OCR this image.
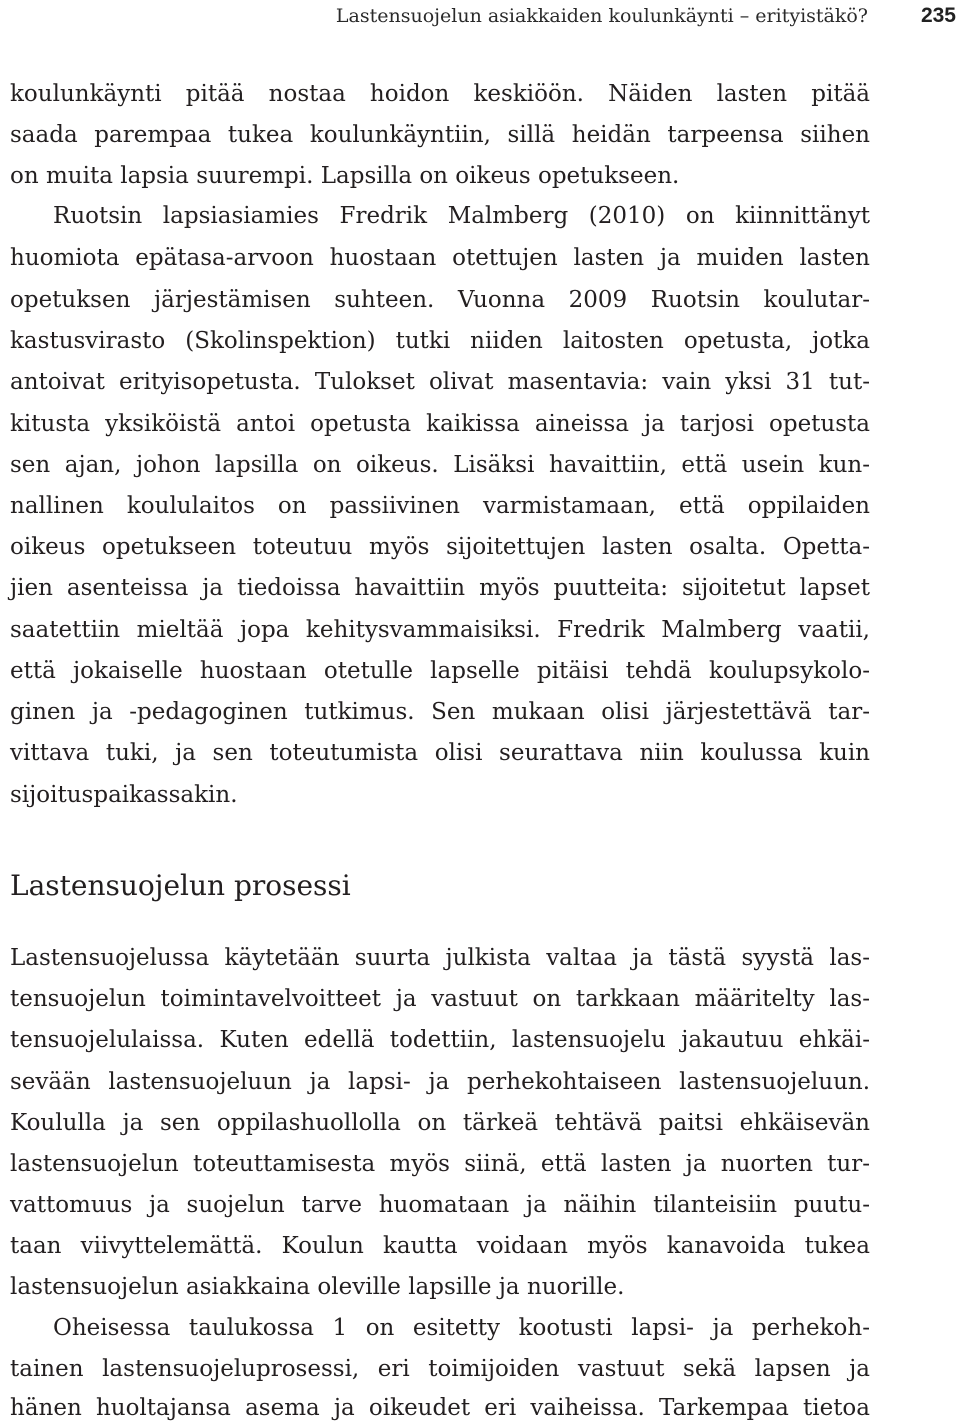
Lastensuojelun asiakkaiden koulunkäynti – erityistäkö?	235

koulunkäynti pitää nostaa hoidon keskiöön. Näiden lasten pitää

saada parempaa tukea koulunkäyntiin, sillä heidän tarpeensa siihen

on muita lapsia suurempi. Lapsilla on oikeus opetukseen.

Ruotsin lapsiasiamies Fredrik Malmberg (2010) on kiinnittänyt

huomiota epätasa-arvoon huostaan otettujen lasten ja muiden lasten

opetuksen järjestämisen suhteen. Vuonna 2009 Ruotsin koulutar-

kastusvirasto (Skolinspektion) tutki niiden laitosten opetusta, jotka

antoivat erityisopetusta. Tulokset olivat masentavia: vain yksi 31 tut-

kitusta yksiköistä antoi opetusta kaikissa aineissa ja tarjosi opetusta

sen ajan, johon lapsilla on oikeus. Lisäksi havaittiin, että usein kun-

nallinen koululaitos on passiivinen varmistamaan, että oppilaiden

oikeus opetukseen toteutuu myös sijoitettujen lasten osalta. Opetta-

jien asenteissa ja tiedoissa havaittiin myös puutteita: sijoitetut lapset

saatettiin mieltää jopa kehitysvammaisiksi. Fredrik Malmberg vaatii,

että jokaiselle huostaan otetulle lapselle pitäisi tehdä koulupsykolo-

ginen ja -pedagoginen tutkimus. Sen mukaan olisi järjestettävä tar-

vittava tuki, ja sen toteutumista olisi seurattava niin koulussa kuin

sijoituspaikassakin.

Lastensuojelun prosessi

Lastensuojelussa käytetään suurta julkista valtaa ja tästä syystä las-

tensuojelun toimintavelvoitteet ja vastuut on tarkkaan määritelty las-

tensuojelulaissa. Kuten edellä todettiin, lastensuojelu jakautuu ehkäi-

sevään lastensuojeluun ja lapsi- ja perhekohtaiseen lastensuojeluun.

Koululla ja sen oppilashuollolla on tärkeä tehtävä paitsi ehkäisevän

lastensuojelun toteuttamisesta myös siinä, että lasten ja nuorten tur-

vattomuus ja suojelun tarve huomataan ja näihin tilanteisiin puutu-

taan viivyttelemättä. Koulun kautta voidaan myös kanavoida tukea

lastensuojelun asiakkaina oleville lapsille ja nuorille.

Oheisessa taulukossa 1 on esitetty kootusti lapsi- ja perhekoh-

tainen lastensuojeluprosessi, eri toimijoiden vastuut sekä lapsen ja

hänen huoltajansa asema ja oikeudet eri vaiheissa. Tarkempaa tietoa
